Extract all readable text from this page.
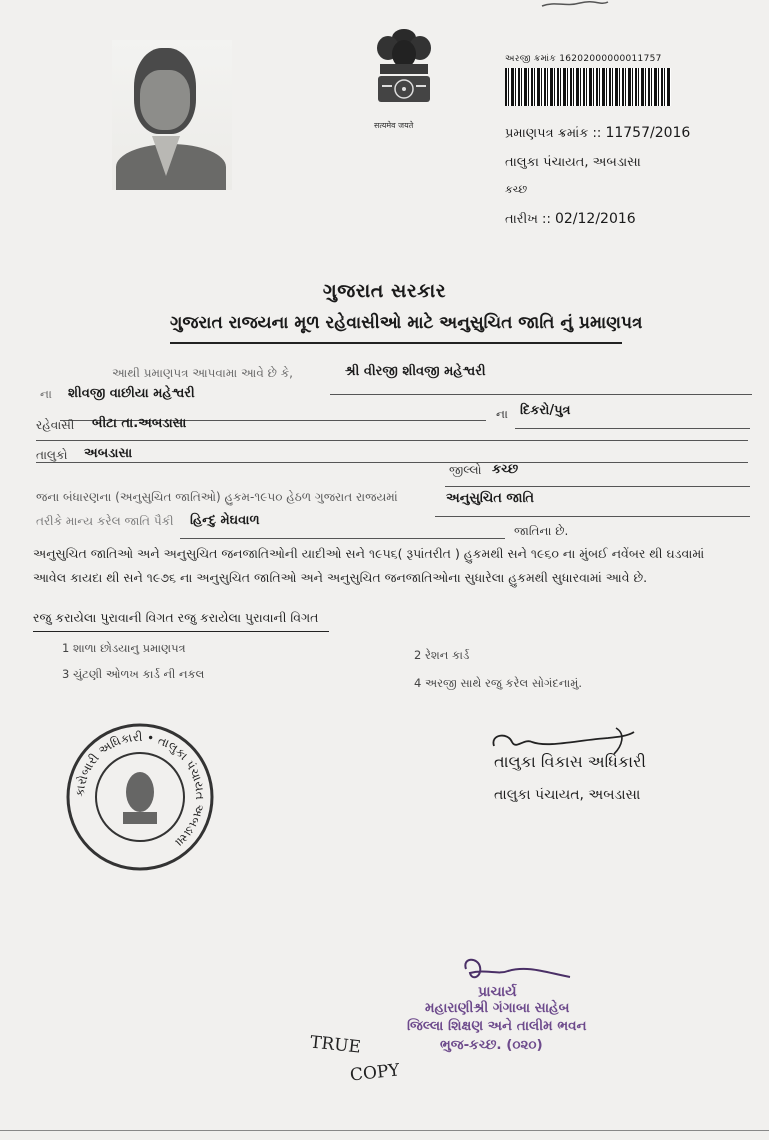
सत्यमेव जयते
અરજી ક્રમાંક 16202000000011757
પ્રમાણપત્ર ક્રમાંક :: 11757/2016
તાલુકા પંચાયત, અબડાસા
કચ્છ
તારીખ :: 02/12/2016
ગુજરાત સરકાર
ગુજરાત રાજયના મૂળ રહેવાસીઓ માટે અનુસુચિત જાતિ નું પ્રમાણપત્ર
આથી પ્રમાણપત્ર આપવામા આવે છે કે,	શ્રી વીરજી શીવજી મહેશ્વરી
ના શીવજી વાછીયા મહેશ્વરી
ના દિકરો/પુત્ર
રહેવાસી બીટા તા.અબડાસા
તાલુકો અબડાસા
જીલ્લો કચ્છ
જના બંધારણના (અનુસુચિત જાતિઓ) હુકમ-૧૯૫૦ હેઠળ ગુજરાત રાજયમાં	અનુસુચિત જાતિ
તરીકે માન્ય કરેલ જાતિ પૈકી હિન્દુ મેઘવાળ
જાતિના છે.
અનુસુચિત જાતિઓ અને અનુસુચિત જનજાતિઓની યાદીઓ સને ૧૯૫૬( રૂપાંતરીત ) હુકમથી સને ૧૯૬૦ ના મુંબઈ નવેંબર થી ઘડવામાં
આવેલ કાયદા થી સને ૧૯૭૬ ના અનુસુચિત જાતિઓ અને અનુસુચિત જનજાતિઓના સુધારેલા હુકમથી સુધારવામાં આવે છે.
રજુ કરાયેલા પુરાવાની વિગત રજુ કરાયેલા પુરાવાની વિગત
1 શાળા છોડયાનુ પ્રમાણપત્ર	2 રેશન કાર્ડ
3 ચુંટણી ઓળખ કાર્ડ ની નકલ
4 અરજી સાથે રજુ કરેલ સોગંદનામું.
કારોબારી અધિકારી • તાલુકા પંચાયત અબડાસા
તાલુકા વિકાસ અધિકારી
તાલુકા પંચાયત, અબડાસા
પ્રાચાર્ય
મહારાણીશ્રી ગંગાબા સાહેબ
જિલ્લા શિક્ષણ અને તાલીમ ભવન
ભુજ-કચ્છ. (૦૨૦)
TRUE
COPY
